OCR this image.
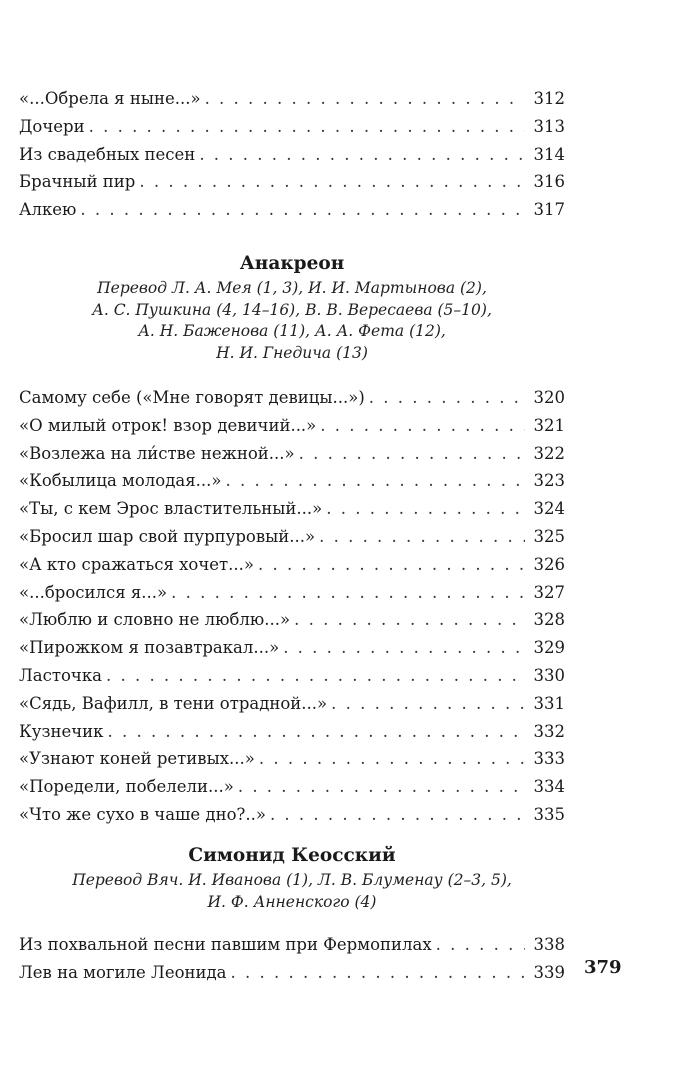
«...Обрела я ныне...» . . .	312
Дочери . . .	313
Из свадебных песен . . .	314
Брачный пир . . .	316
Алкею . . .	317

Анакреон

Перевод Л. А. Мея (1, 3), И. И. Мартынова (2),

А. С. Пушкина (4, 14–16), В. В. Вересаева (5–10),

А. Н. Баженова (11), А. А. Фета (12),

Н. И. Гнедича (13)

Самому себе («Мне говорят девицы...») . . .	320
«О милый отрок! взор девичий...» . . .	321
«Возлежа на ли́стве нежной...» . . .	322
«Кобылица молодая...» . . .	323
«Ты, с кем Эрос властительный...» . . .	324
«Бросил шар свой пурпуровый...» . . .	325
«А кто сражаться хочет...» . . .	326
«...бросился я...» . . .	327
«Люблю и словно не люблю...» . . .	328
«Пирожком я позавтракал...» . . .	329
Ласточка . . .	330
«Сядь, Вафилл, в тени отрадной...» . . .	331
Кузнечик . . .	332
«Узнают коней ретивых...» . . .	333
«Поредели, побелели...» . . .	334
«Что же сухо в чаше дно?..» . . .	335

Симонид Кеосский

Перевод Вяч. И. Иванова (1), Л. В. Блуменау (2–3, 5),

И. Ф. Анненского (4)

Из похвальной песни павшим при Фермопилах . . .	338
Лев на могиле Леонида . . .	339 379
